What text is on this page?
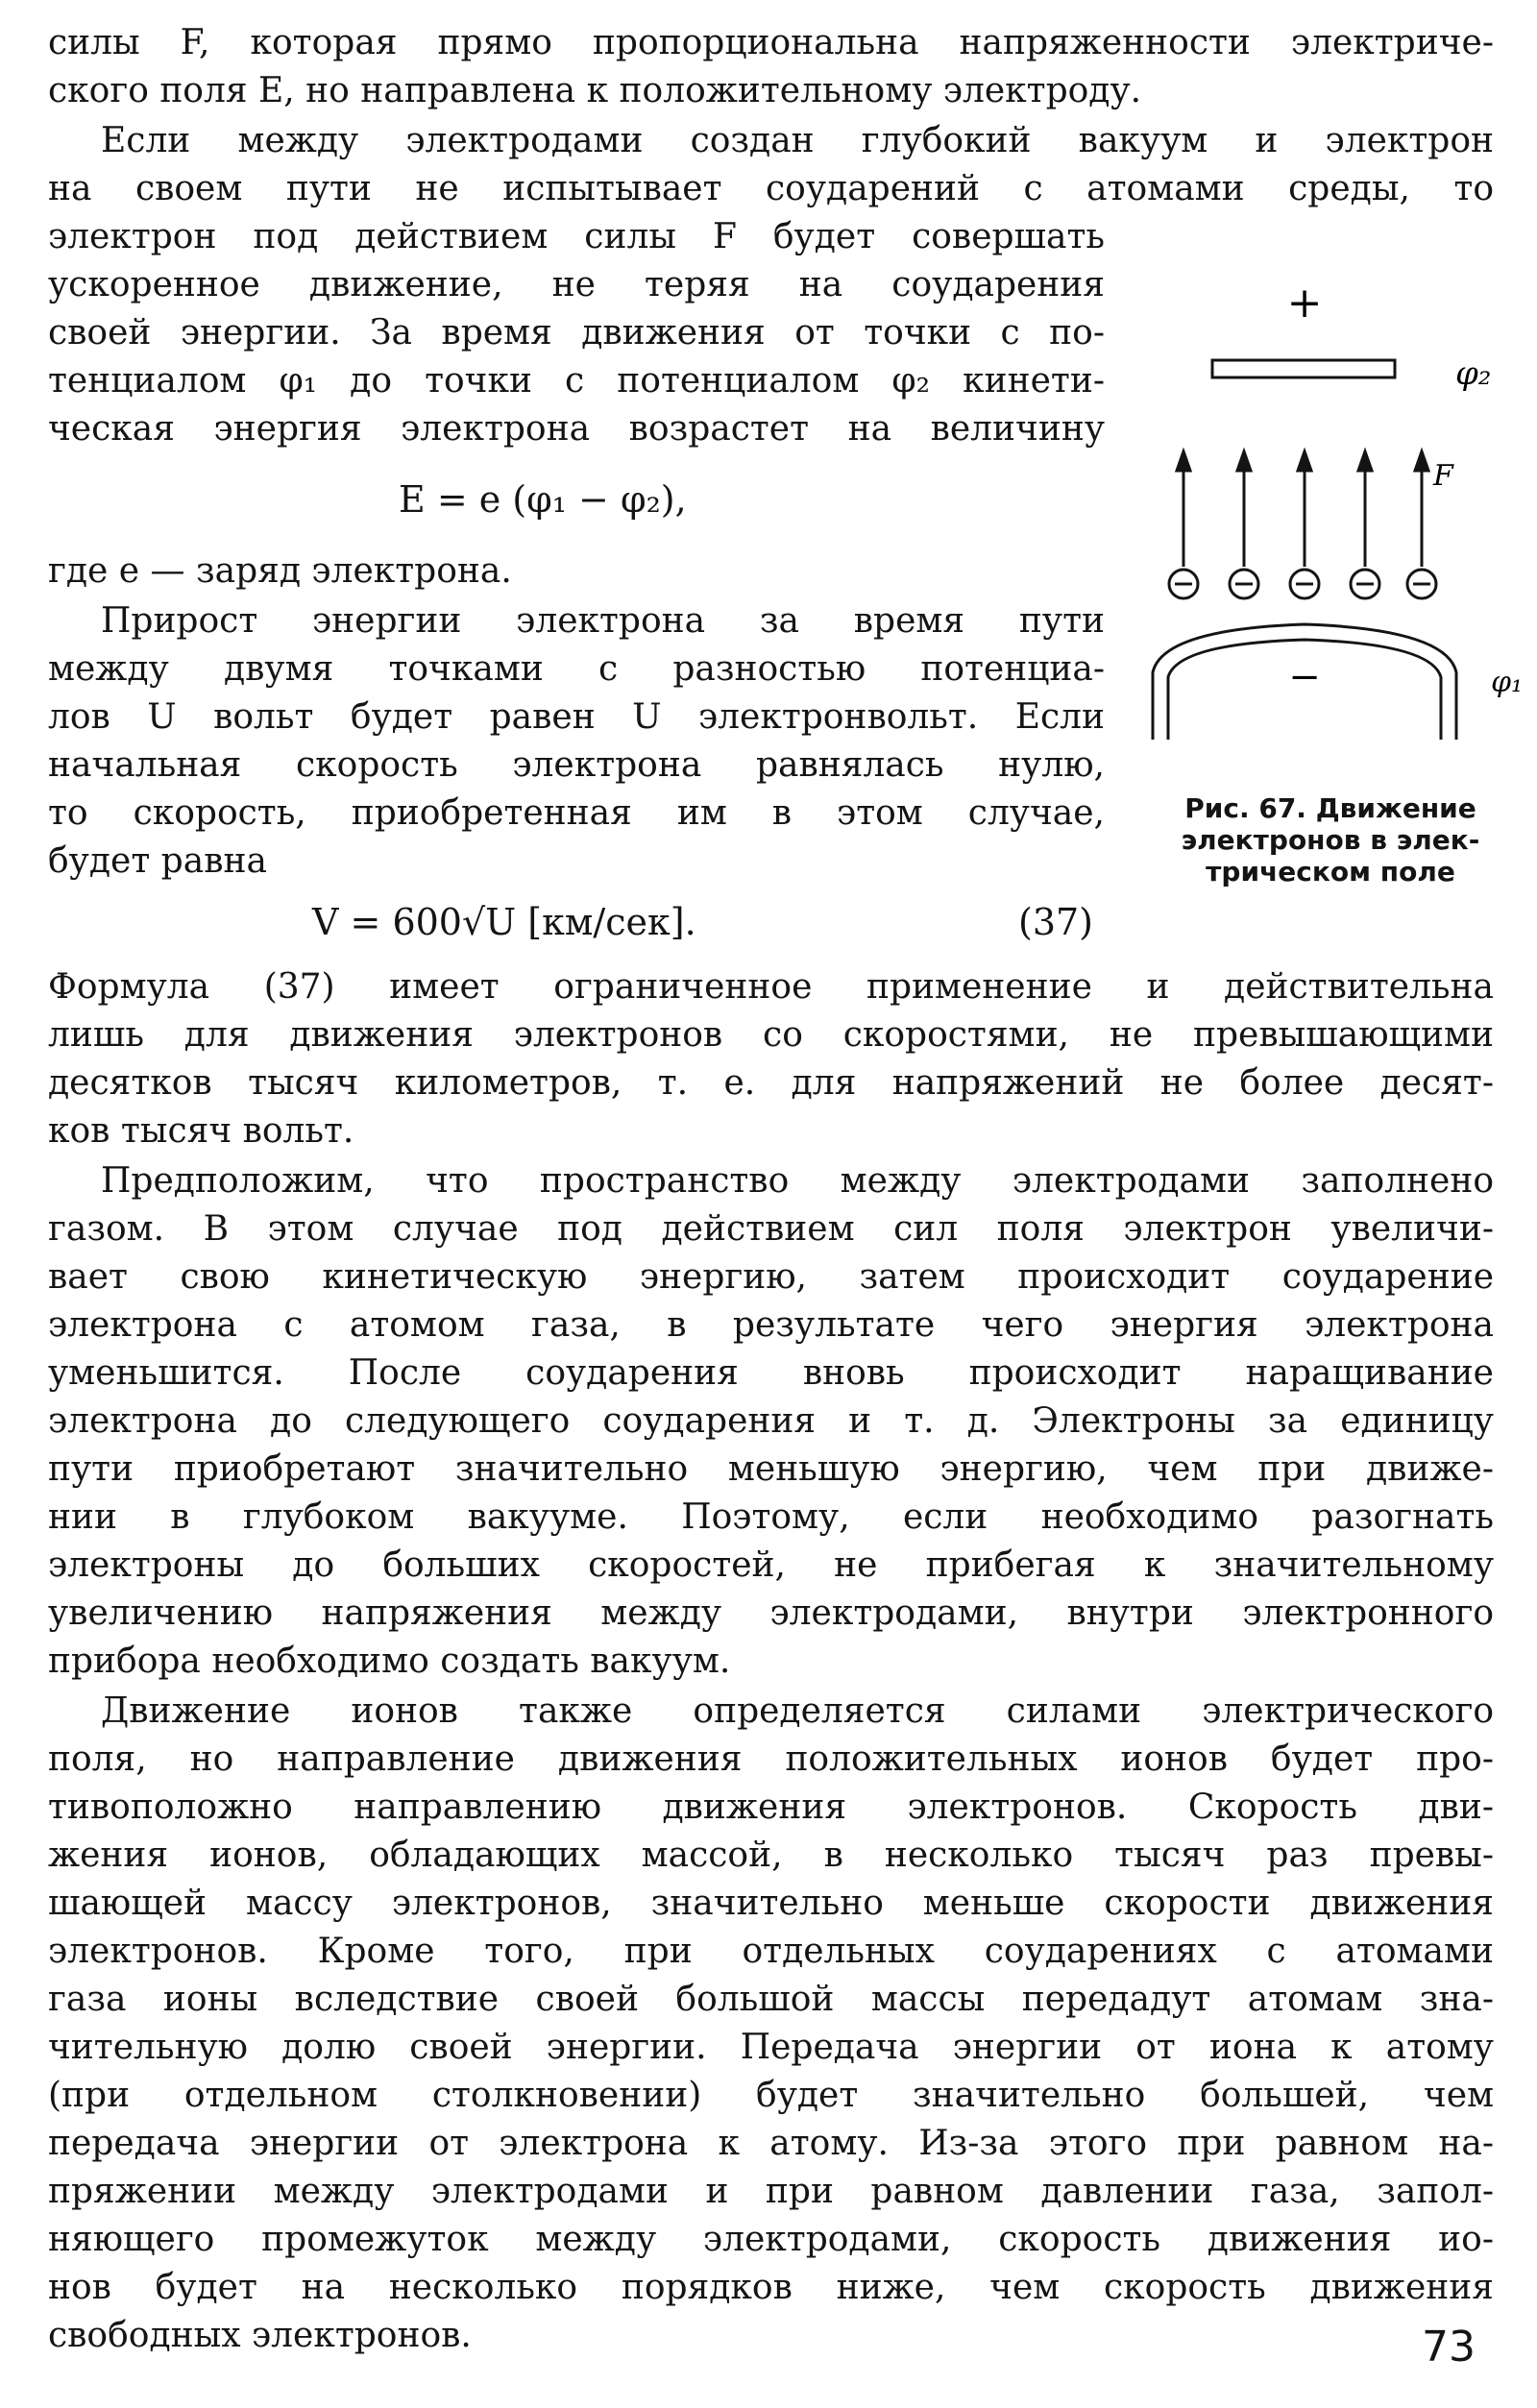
силы F, которая прямо пропорциональна напряженности электриче-
ского поля E, но направлена к положительному электроду.
Если между электродами создан глубокий вакуум и электрон
на своем пути не испытывает соударений с атомами среды, то
электрон под действием силы F будет совершать
ускоренное движение, не теряя на соударения
своей энергии. За время движения от точки с по-
тенциалом φ₁ до точки с потенциалом φ₂ кинети-
ческая энергия электрона возрастет на величину
E = e (φ₁ − φ₂),
где e — заряд электрона.
Прирост энергии электрона за время пути
между двумя точками с разностью потенциа-
лов U вольт будет равен U электронвольт. Если
начальная скорость электрона равнялась нулю,
то скорость, приобретенная им в этом случае,
будет равна
V = 600√U [км/сек].	(37)
+
φ₂
F
−	φ₁
Рис. 67. Движение
электронов в элек-
трическом поле
Формула (37) имеет ограниченное применение и действительна
лишь для движения электронов со скоростями, не превышающими
десятков тысяч километров, т. е. для напряжений не более десят-
ков тысяч вольт.
Предположим, что пространство между электродами заполнено
газом. В этом случае под действием сил поля электрон увеличи-
вает свою кинетическую энергию, затем происходит соударение
электрона с атомом газа, в результате чего энергия электрона
уменьшится. После соударения вновь происходит наращивание
электрона до следующего соударения и т. д. Электроны за единицу
пути приобретают значительно меньшую энергию, чем при движе-
нии в глубоком вакууме. Поэтому, если необходимо разогнать
электроны до больших скоростей, не прибегая к значительному
увеличению напряжения между электродами, внутри электронного
прибора необходимо создать вакуум.
Движение ионов также определяется силами электрического
поля, но направление движения положительных ионов будет про-
тивоположно направлению движения электронов. Скорость дви-
жения ионов, обладающих массой, в несколько тысяч раз превы-
шающей массу электронов, значительно меньше скорости движения
электронов. Кроме того, при отдельных соударениях с атомами
газа ионы вследствие своей большой массы передадут атомам зна-
чительную долю своей энергии. Передача энергии от иона к атому
(при отдельном столкновении) будет значительно большей, чем
передача энергии от электрона к атому. Из-за этого при равном на-
пряжении между электродами и при равном давлении газа, запол-
няющего промежуток между электродами, скорость движения ио-
нов будет на несколько порядков ниже, чем скорость движения
свободных электронов.	73
